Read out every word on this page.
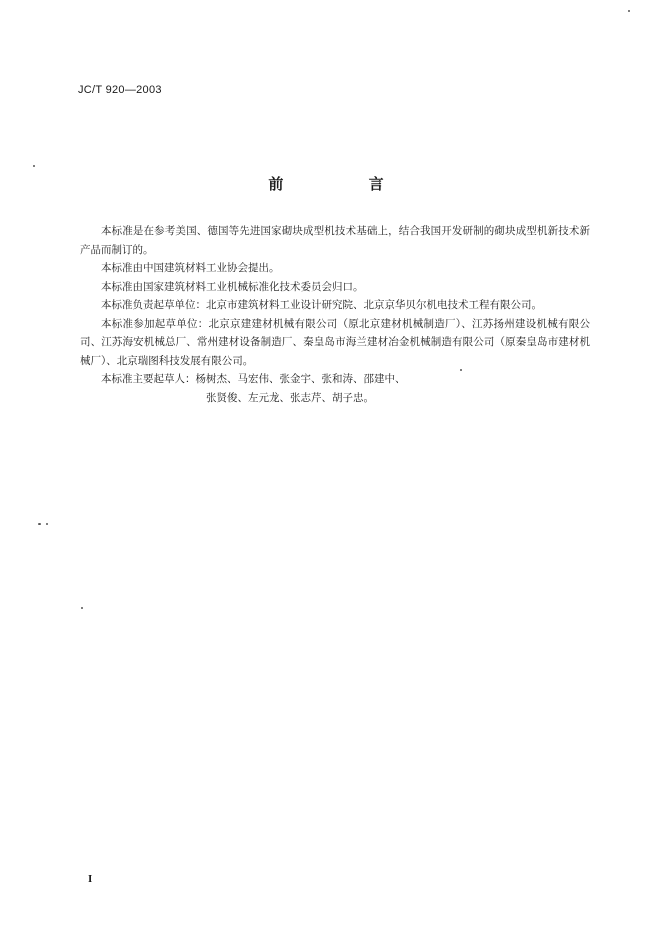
JC/T 920—2003
前 言

本标准是在参考美国、德国等先进国家砌块成型机技术基础上，结合我国开发研制的砌块成型机新技术新产品而制订的。

本标准由中国建筑材料工业协会提出。

本标准由国家建筑材料工业机械标准化技术委员会归口。

本标准负责起草单位：北京市建筑材料工业设计研究院、北京京华贝尔机电技术工程有限公司。

本标准参加起草单位：北京京建建材机械有限公司（原北京建材机械制造厂）、江苏扬州建设机械有限公司、江苏海安机械总厂、常州建材设备制造厂、秦皇岛市海兰建材冶金机械制造有限公司（原秦皇岛市建材机械厂）、北京瑞图科技发展有限公司。

本标准主要起草人：杨树杰、马宏伟、张金宇、张和涛、邵建中、

张贤俊、左元龙、张志芹、胡子忠。

I
